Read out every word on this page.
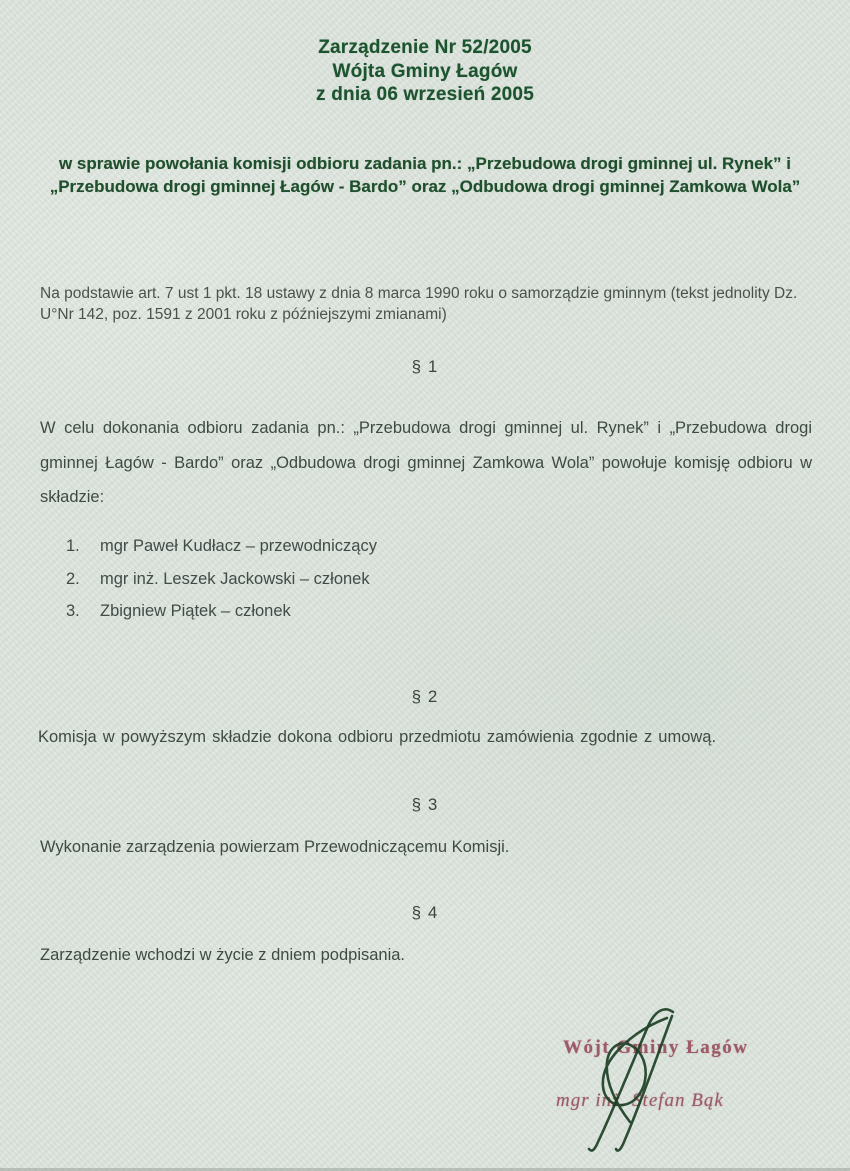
Zarządzenie Nr 52/2005
Wójta Gminy Łagów
z dnia 06 wrzesień 2005
w sprawie powołania komisji odbioru zadania pn.: „Przebudowa drogi gminnej ul. Rynek” i „Przebudowa drogi gminnej Łagów - Bardo” oraz „Odbudowa drogi gminnej Zamkowa Wola”
Na podstawie art. 7 ust 1 pkt. 18 ustawy z dnia 8 marca 1990 roku o samorządzie gminnym (tekst jednolity Dz. U°Nr 142, poz. 1591 z 2001 roku z późniejszymi zmianami)
§ 1
W celu dokonania odbioru zadania pn.: „Przebudowa drogi gminnej ul. Rynek” i „Przebudowa drogi gminnej Łagów - Bardo” oraz „Odbudowa drogi gminnej Zamkowa Wola” powołuje komisję odbioru w składzie:
1.	mgr Paweł Kudłacz – przewodniczący
2.	mgr inż. Leszek Jackowski – członek
3.	Zbigniew Piątek – członek
§ 2
Komisja w powyższym składzie dokona odbioru przedmiotu zamówienia zgodnie z umową.
§ 3
Wykonanie zarządzenia powierzam Przewodniczącemu Komisji.
§ 4
Zarządzenie wchodzi w życie z dniem podpisania.
Wójt Gminy Łagów
mgr inż. Stefan Bąk
